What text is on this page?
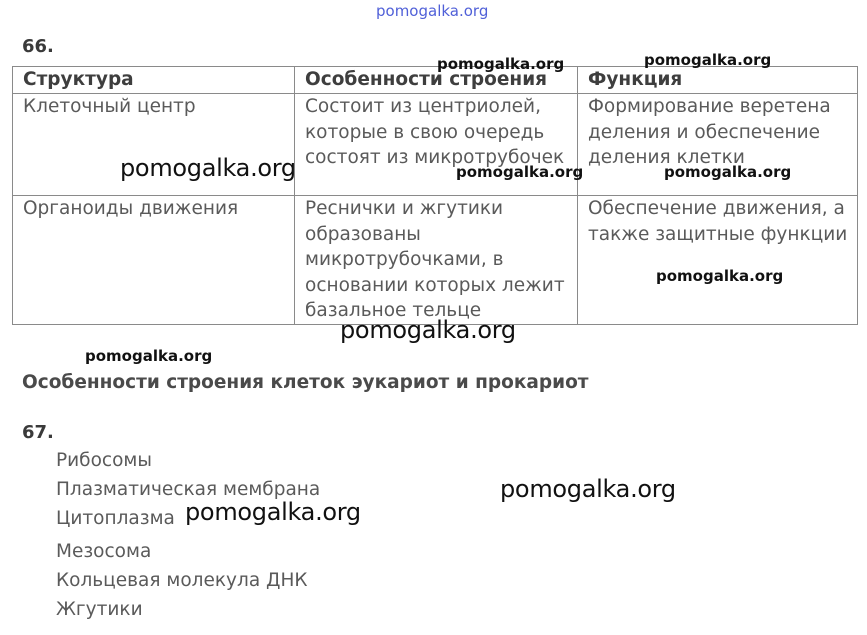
pomogalka.org
66.
Структура	Особенности строения	Функция
Клеточный центр	Состоит из центриолей, которые в свою очередь состоят из микротрубочек	Формирование веретена деления и обеспечение деления клетки
Органоиды движения	Реснички и жгутики образованы микротрубочками, в основании которых лежит базальное тельце	Обеспечение движения, а также защитные функции
Особенности строения клеток эукариот и прокариот
67.
Рибосомы
Плазматическая мембрана
Цитоплазма
Мезосома
Кольцевая молекула ДНК
Жгутики
pomogalka.org	pomogalka.org
pomogalka.org	pomogalka.org	pomogalka.org
pomogalka.org
pomogalka.org
pomogalka.org
pomogalka.org
pomogalka.org
